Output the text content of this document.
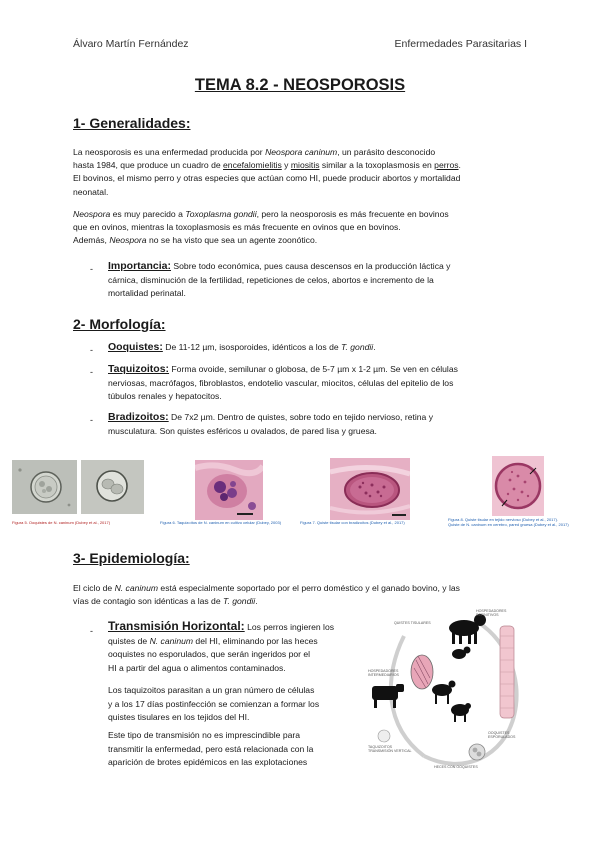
Álvaro Martín Fernández	Enfermedades Parasitarias I
TEMA 8.2 - NEOSPOROSIS
1- Generalidades:
La neosporosis es una enfermedad producida por Neospora caninum, un parásito desconocido
hasta 1984, que produce un cuadro de encefalomielitis y miositis similar a la toxoplasmosis en perros.
El bovinos, el mismo perro y otras especies que actúan como HI, puede producir abortos y mortalidad
neonatal.
Neospora es muy parecido a Toxoplasma gondii, pero la neosporosis es más frecuente en bovinos
que en ovinos, mientras la toxoplasmosis es más frecuente en ovinos que en bovinos.
Además, Neospora no se ha visto que sea un agente zoonótico.
- Importancia: Sobre todo económica, pues causa descensos en la producción láctica y
cárnica, disminución de la fertilidad, repeticiones de celos, abortos e incremento de la
mortalidad perinatal.
2- Morfología:
- Ooquistes: De 11-12 µm, isosporoides, idénticos a los de T. gondii.
- Taquizoitos: Forma ovoide, semilunar o globosa, de 5-7 µm x 1-2 µm. Se ven en células
nerviosas, macrófagos, fibroblastos, endotelio vascular, miocitos, células del epitelio de los
túbulos renales y hepatocitos.
- Bradizoitos: De 7x2 µm. Dentro de quistes, sobre todo en tejido nervioso, retina y
musculatura. Son quistes esféricos u ovalados, de pared lisa y gruesa.
Figura 5. Ooquistes de N. caninum (Dubey et al., 2017)	Figura 6. Taquizoítos de N. caninum en cultivo celular (Dubey, 2003)	Figura 7. Quiste tisular con bradizoítos (Dubey et al., 2017)
Figura 8. Quiste tisular en tejido nervioso (Dubey et al., 2017).
Quiste de N. caninum en cerebro, pared gruesa (Dubey et al., 2017)
3- Epidemiología:
El ciclo de N. caninum está especialmente soportado por el perro doméstico y el ganado bovino, y las
vías de contagio son idénticas a las de T. gondii.
- Transmisión Horizontal: Los perros ingieren los
quistes de N. caninum del HI, eliminando por las heces
ooquistes no esporulados, que serán ingeridos por el
HI a partir del agua o alimentos contaminados.
Los taquizoitos parasitan a un gran número de células
y a los 17 días postinfección se comienzan a formar los
quistes tisulares en los tejidos del HI.
Este tipo de transmisión no es imprescindible para
transmitir la enfermedad, pero está relacionada con la
aparición de brotes epidémicos en las explotaciones
HOSPEDADORES
DEFINITIVOS
QUISTES TISULARES
HOSPEDADORES
INTERMEDIARIOS
OOQUISTES
ESPORULADOS
TAQUIZOITOS
TRANSMISIÓN VERTICAL
HECES CON OOQUISTES
